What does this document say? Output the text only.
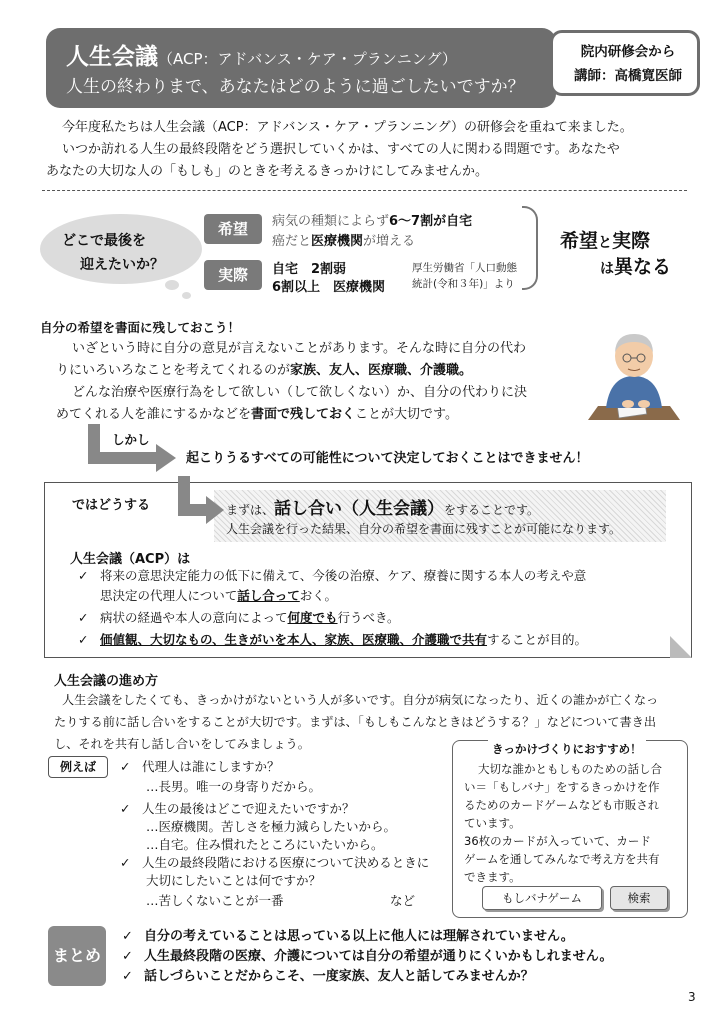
人生会議（ACP：アドバンス・ケア・プランニング）
人生の終わりまで、あなたはどのように過ごしたいですか？
院内研修会から
講師：高橋寛医師
今年度私たちは人生会議（ACP：アドバンス・ケア・プランニング）の研修会を重ねて来ました。
いつか訪れる人生の最終段階をどう選択していくかは、すべての人に関わる問題です。あなたや
あなたの大切な人の「もしも」のときを考えるきっかけにしてみませんか。
どこで最後を
迎えたいか？
希望	病気の種類によらず6～7割が自宅
癌だと医療機関が増える
実際	自宅　2割弱
6割以上　医療機関
厚生労働省「人口動態
統計(令和３年)」より
希望と実際
は異なる
自分の希望を書面に残しておこう！
いざという時に自分の意見が言えないことがあります。そんな時に自分の代わ
りにいろいろなことを考えてくれるのが家族、友人、医療職、介護職。
どんな治療や医療行為をして欲しい（して欲しくない）か、自分の代わりに決
めてくれる人を誰にするかなどを書面で残しておくことが大切です。
しかし
起こりうるすべての可能性について決定しておくことはできません！
ではどうする	まずは、話し合い（人生会議）をすることです。
人生会議を行った結果、自分の希望を書面に残すことが可能になります。
人生会議（ACP）は
✓ 将来の意思決定能力の低下に備えて、今後の治療、ケア、療養に関する本人の考えや意
思決定の代理人について話し合っておく。
✓ 病状の経過や本人の意向によって何度でも行うべき。
✓ 価値観、大切なもの、生きがいを本人、家族、医療職、介護職で共有することが目的。
人生会議の進め方
人生会議をしたくても、きっかけがないという人が多いです。自分が病気になったり、近くの誰かが亡くなっ
たりする前に話し合いをすることが大切です。まずは、「もしもこんなときはどうする？」などについて書き出
し、それを共有し話し合いをしてみましょう。
例えば	✓ 代理人は誰にしますか？
…長男。唯一の身寄りだから。
✓ 人生の最後はどこで迎えたいですか？
…医療機関。苦しさを極力減らしたいから。
…自宅。住み慣れたところにいたいから。
✓ 人生の最終段階における医療について決めるときに
大切にしたいことは何ですか？
…苦しくないことが一番	など
きっかけづくりにおすすめ！
大切な誰かともしものための話し合
い＝「もしバナ」をするきっかけを作
るためのカードゲームなども市販され
ています。
36枚のカードが入っていて、カード
ゲームを通してみんなで考え方を共有
できます。
もしバナゲーム	検索
まとめ
✓ 自分の考えていることは思っている以上に他人には理解されていません。
✓ 人生最終段階の医療、介護については自分の希望が通りにくいかもしれません。
✓ 話しづらいことだからこそ、一度家族、友人と話してみませんか？
3
